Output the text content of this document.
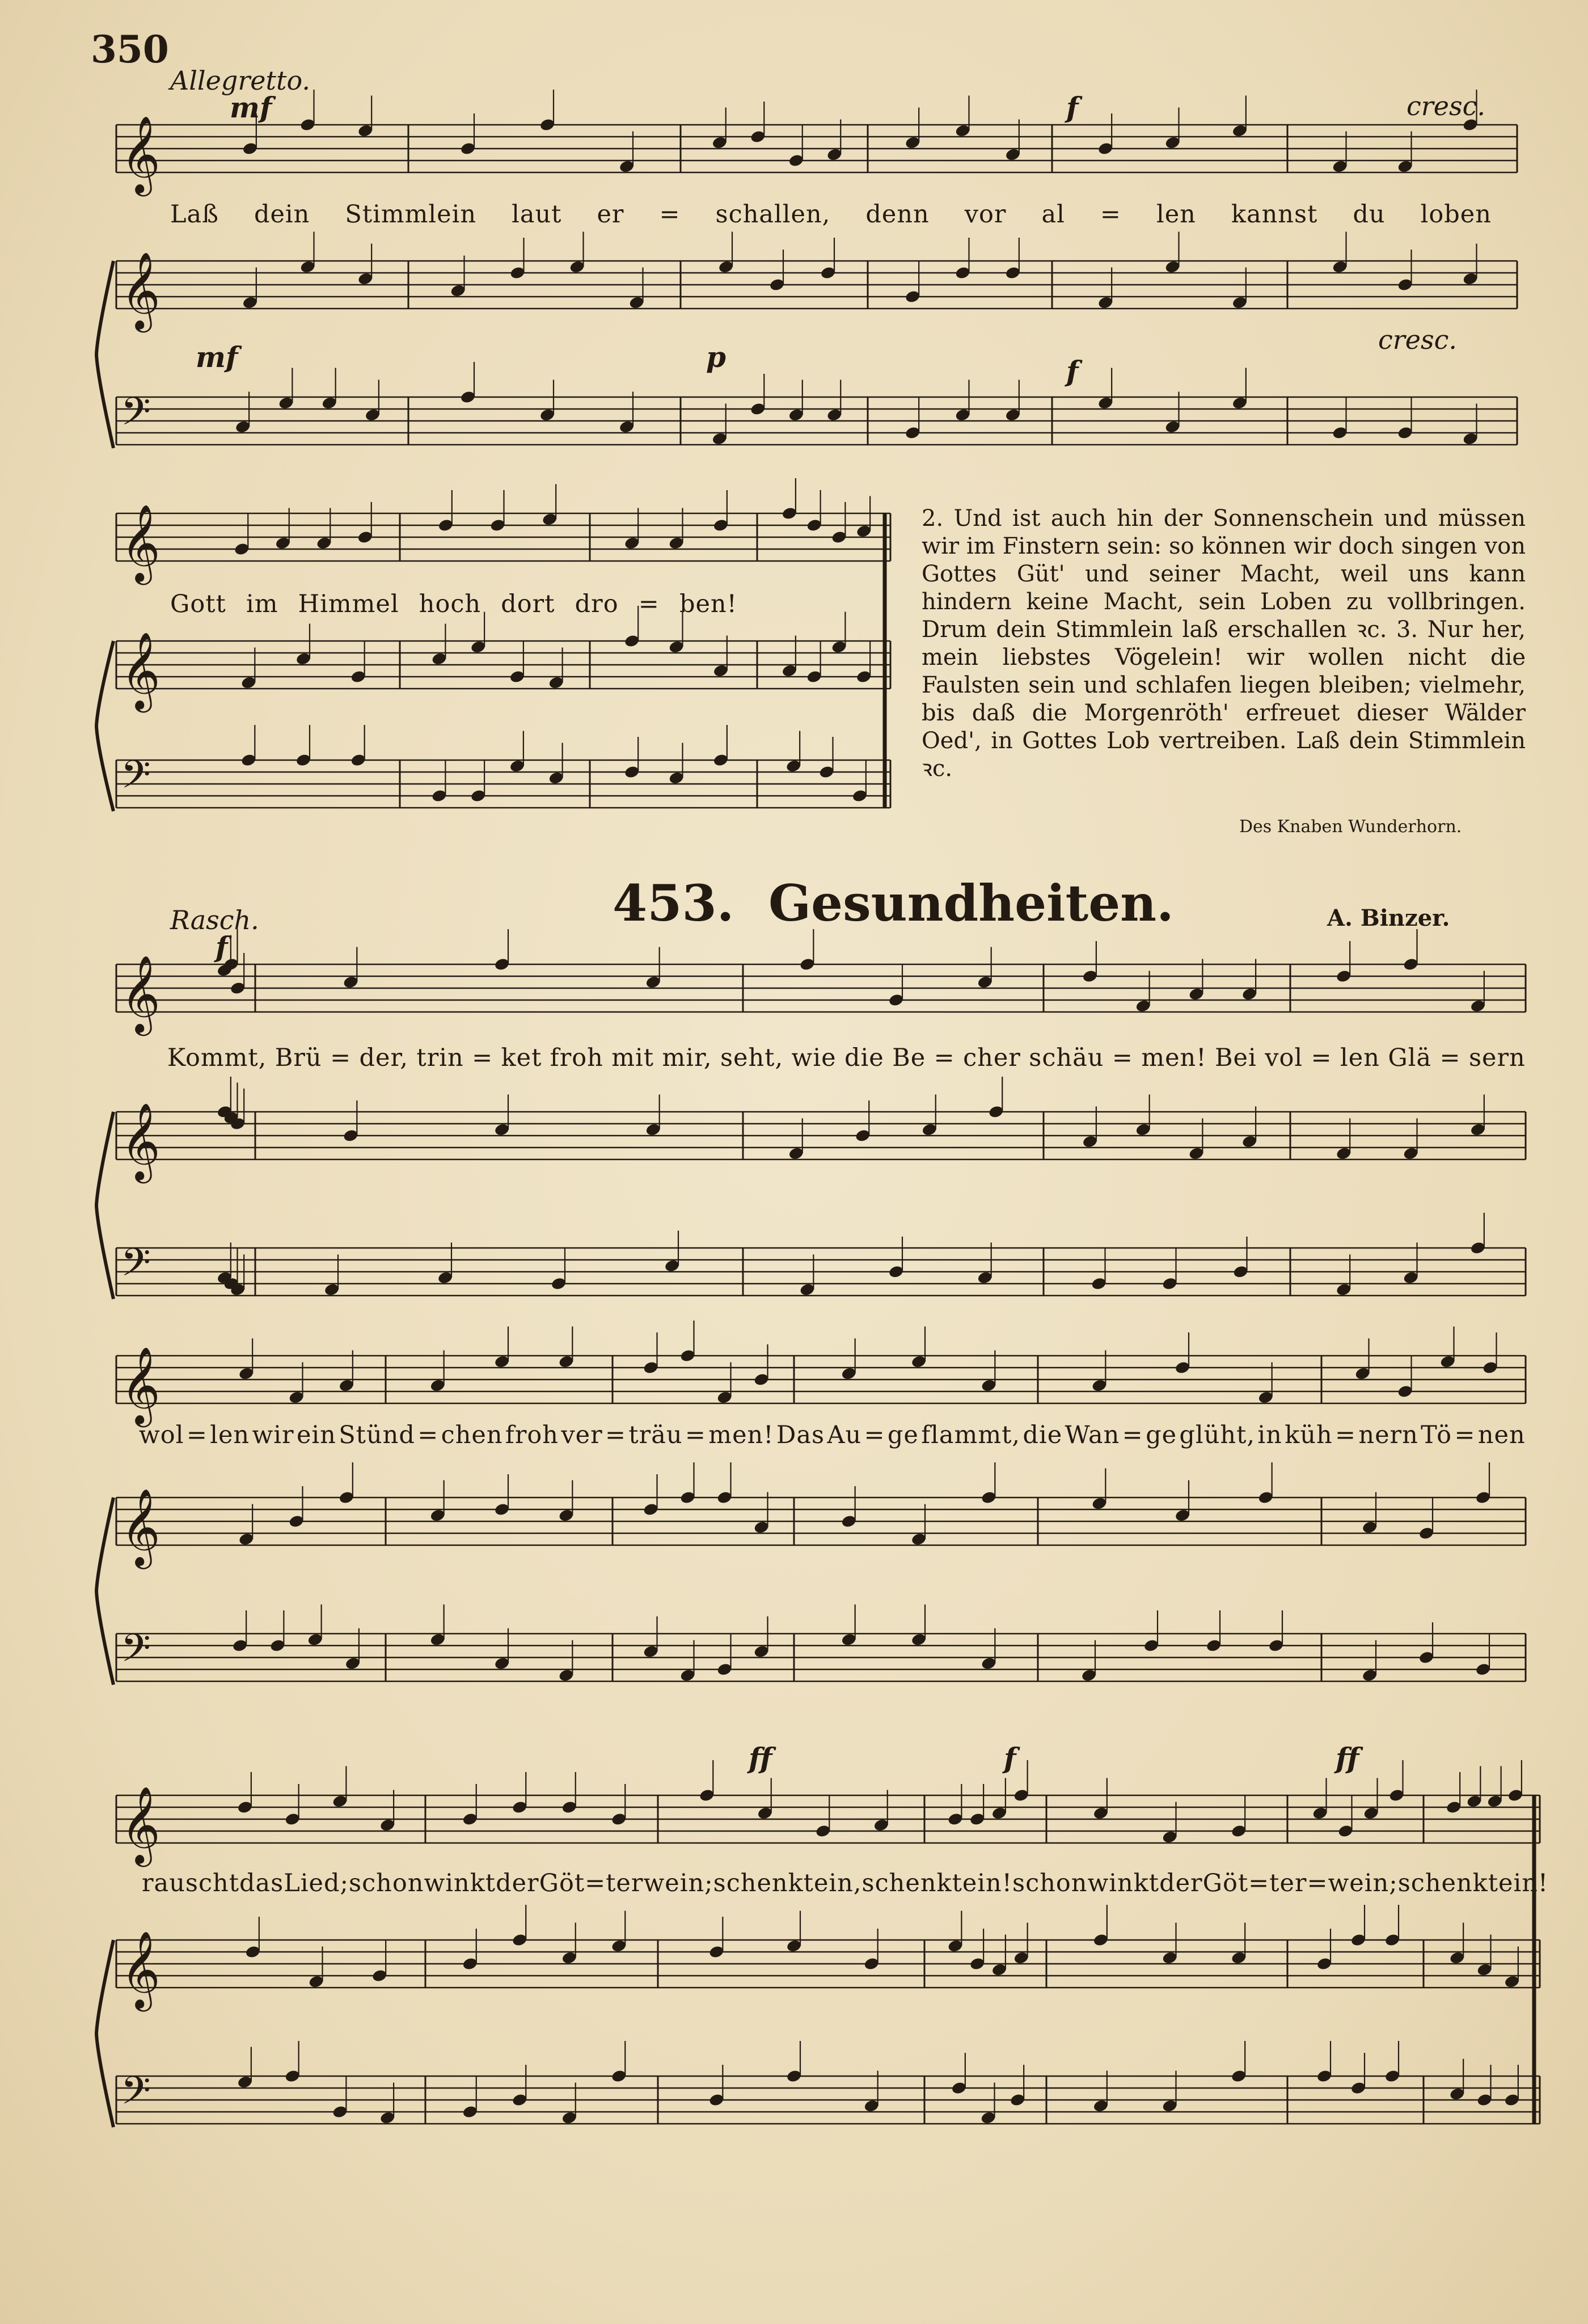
350
Allegretto.
mf	f	cresc.
mf	p	f
cresc.
Laß dein Stimmlein laut er = schallen, denn vor al = len kannst du loben
Gott im Himmel hoch dort dro = ben!
2. Und ist auch hin der Sonnenschein und müssen wir im Finstern sein: so können wir doch singen von Gottes Güt' und seiner Macht, weil uns kann hindern keine Macht, sein Loben zu vollbringen. Drum dein Stimmlein laß erschallen ꝛc. 3. Nur her, mein liebstes Vögelein! wir wollen nicht die Faulsten sein und schlafen liegen bleiben; vielmehr, bis daß die Morgenröth' erfreuet dieser Wälder Oed', in Gottes Lob vertreiben. Laß dein Stimmlein ꝛc.
Des Knaben Wunderhorn.
Rasch.	453. Gesundheiten.	A. Binzer.
f
ff	f	ff
Kommt, Brü = der, trin = ket froh mit mir, seht, wie die Be = cher schäu = men! Bei vol = len Glä = sern
wol = len wir ein Stünd = chen froh ver = träu = men! Das Au = ge flammt, die Wan = ge glüht, in küh = nern Tö = nen
rauscht das Lied; schon winkt der Göt = terwein; schenkt ein, schenkt ein! schon winkt der Göt = ter = wein; schenkt ein!
𝄞
𝄞
𝄢
𝄞
𝄞
𝄢
𝄞
𝄞
𝄢
𝄞
𝄞
𝄢
𝄞
𝄞
𝄢
